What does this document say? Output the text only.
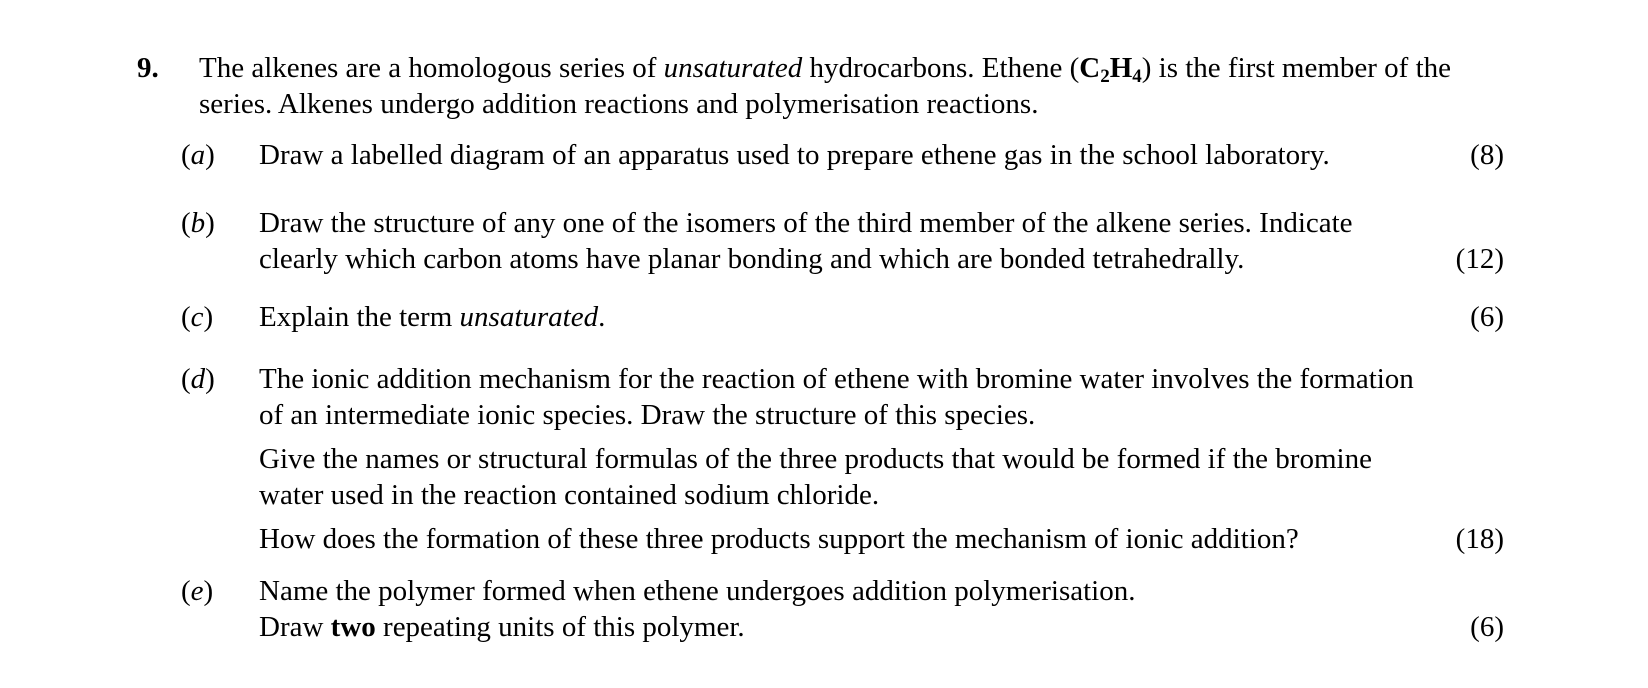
9. The alkenes are a homologous series of unsaturated hydrocarbons. Ethene $(C_2H_4)$ is the first member of the
series. Alkenes undergo addition reactions and polymerisation reactions.
(a) Draw a labelled diagram of an apparatus used to prepare ethene gas in the school laboratory.	(8)
(b) Draw the structure of any one of the isomers of the third member of the alkene series. Indicate
clearly which carbon atoms have planar bonding and which are bonded tetrahedrally.	(12)
(c) Explain the term unsaturated.	(6)
(d) The ionic addition mechanism for the reaction of ethene with bromine water involves the formation
of an intermediate ionic species. Draw the structure of this species.
Give the names or structural formulas of the three products that would be formed if the bromine
water used in the reaction contained sodium chloride.
How does the formation of these three products support the mechanism of ionic addition?	(18)
(e) Name the polymer formed when ethene undergoes addition polymerisation.
Draw two repeating units of this polymer.	(6)
